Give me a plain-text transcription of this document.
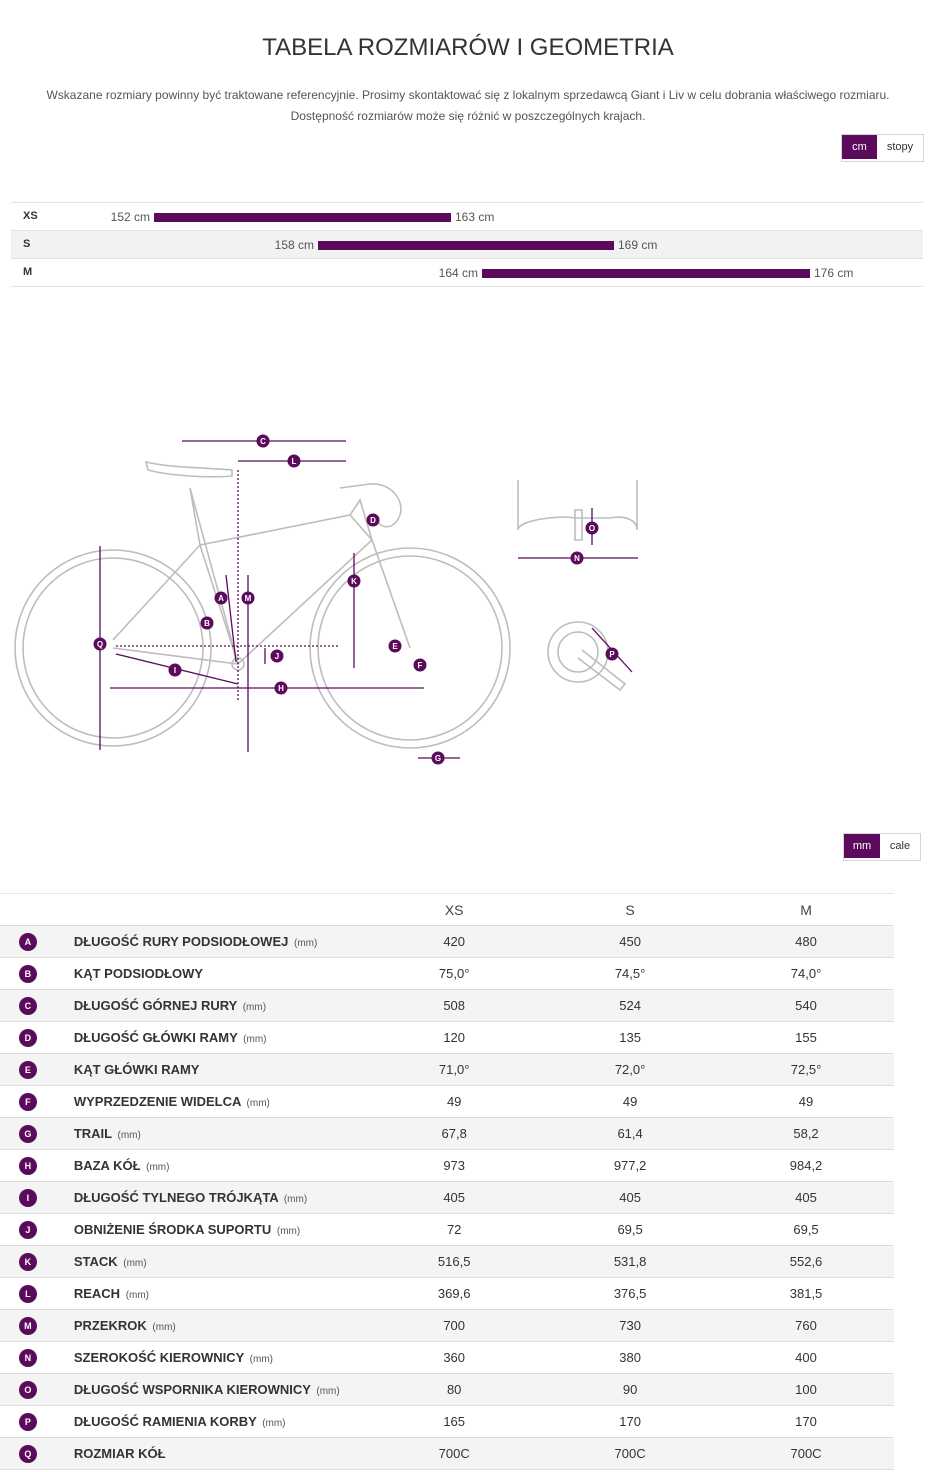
TABELA ROZMIARÓW I GEOMETRIA
Wskazane rozmiary powinny być traktowane referencyjnie. Prosimy skontaktować się z lokalnym sprzedawcą Giant i Liv w celu dobrania właściwego rozmiaru.
Dostępność rozmiarów może się różnić w poszczególnych krajach.
cm	stopy
XS	152 cm	163 cm
S	158 cm	169 cm
M	164 cm	176 cm
C
L
D
A	M
K
B
Q
J
E
F
I
H
G
O
N
P
mm	cale
		XS	S	M
A	DŁUGOŚĆ RURY PODSIODŁOWEJ (mm)	420	450	480
B	KĄT PODSIODŁOWY	75,0°	74,5°	74,0°
C	DŁUGOŚĆ GÓRNEJ RURY (mm)	508	524	540
D	DŁUGOŚĆ GŁÓWKI RAMY (mm)	120	135	155
E	KĄT GŁÓWKI RAMY	71,0°	72,0°	72,5°
F	WYPRZEDZENIE WIDELCA (mm)	49	49	49
G	TRAIL (mm)	67,8	61,4	58,2
H	BAZA KÓŁ (mm)	973	977,2	984,2
I	DŁUGOŚĆ TYLNEGO TRÓJKĄTA (mm)	405	405	405
J	OBNIŻENIE ŚRODKA SUPORTU (mm)	72	69,5	69,5
K	STACK (mm)	516,5	531,8	552,6
L	REACH (mm)	369,6	376,5	381,5
M	PRZEKROK (mm)	700	730	760
N	SZEROKOŚĆ KIEROWNICY (mm)	360	380	400
O	DŁUGOŚĆ WSPORNIKA KIEROWNICY (mm)	80	90	100
P	DŁUGOŚĆ RAMIENIA KORBY (mm)	165	170	170
Q	ROZMIAR KÓŁ	700C	700C	700C
